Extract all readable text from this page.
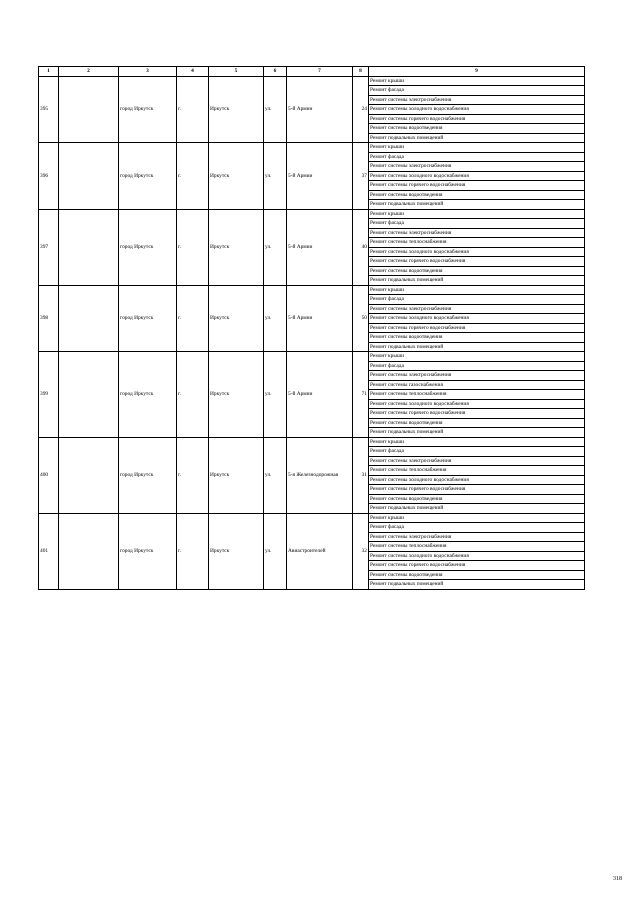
1	2	3	4	5	6	7	8	9
395		город Иркутск	г.	Иркутск	ул.	5-й Армии	24	Ремонт крыши
								Ремонт фасада
								Ремонт системы электроснабжения
								Ремонт системы холодного водоснабжения
								Ремонт системы горячего водоснабжения
								Ремонт системы водоотведения
								Ремонт подвальных помещений
396		город Иркутск	г.	Иркутск	ул.	5-й Армии	37	Ремонт крыши
								Ремонт фасада
								Ремонт системы электроснабжения
								Ремонт системы холодного водоснабжения
								Ремонт системы горячего водоснабжения
								Ремонт системы водоотведения
								Ремонт подвальных помещений
397		город Иркутск	г.	Иркутск	ул.	5-й Армии	40	Ремонт крыши
								Ремонт фасада
								Ремонт системы электроснабжения
								Ремонт системы теплоснабжения
								Ремонт системы холодного водоснабжения
								Ремонт системы горячего водоснабжения
								Ремонт системы водоотведения
								Ремонт подвальных помещений
398		город Иркутск	г.	Иркутск	ул.	5-й Армии	50	Ремонт крыши
								Ремонт фасада
								Ремонт системы электроснабжения
								Ремонт системы холодного водоснабжения
								Ремонт системы горячего водоснабжения
								Ремонт системы водоотведения
								Ремонт подвальных помещений
399		город Иркутск	г.	Иркутск	ул.	5-й Армии	71	Ремонт крыши
								Ремонт фасада
								Ремонт системы электроснабжения
								Ремонт системы газоснабжения
								Ремонт системы теплоснабжения
								Ремонт системы холодного водоснабжения
								Ремонт системы горячего водоснабжения
								Ремонт системы водоотведения
								Ремонт подвальных помещений
400		город Иркутск	г.	Иркутск	ул.	5-я Железнодорожная	31	Ремонт крыши
								Ремонт фасада
								Ремонт системы электроснабжения
								Ремонт системы теплоснабжения
								Ремонт системы холодного водоснабжения
								Ремонт системы горячего водоснабжения
								Ремонт системы водоотведения
								Ремонт подвальных помещений
401		город Иркутск	г.	Иркутск	ул.	Авиастроителей	32	Ремонт крыши
								Ремонт фасада
								Ремонт системы электроснабжения
								Ремонт системы теплоснабжения
								Ремонт системы холодного водоснабжения
								Ремонт системы горячего водоснабжения
								Ремонт системы водоотведения
								Ремонт подвальных помещений
318
